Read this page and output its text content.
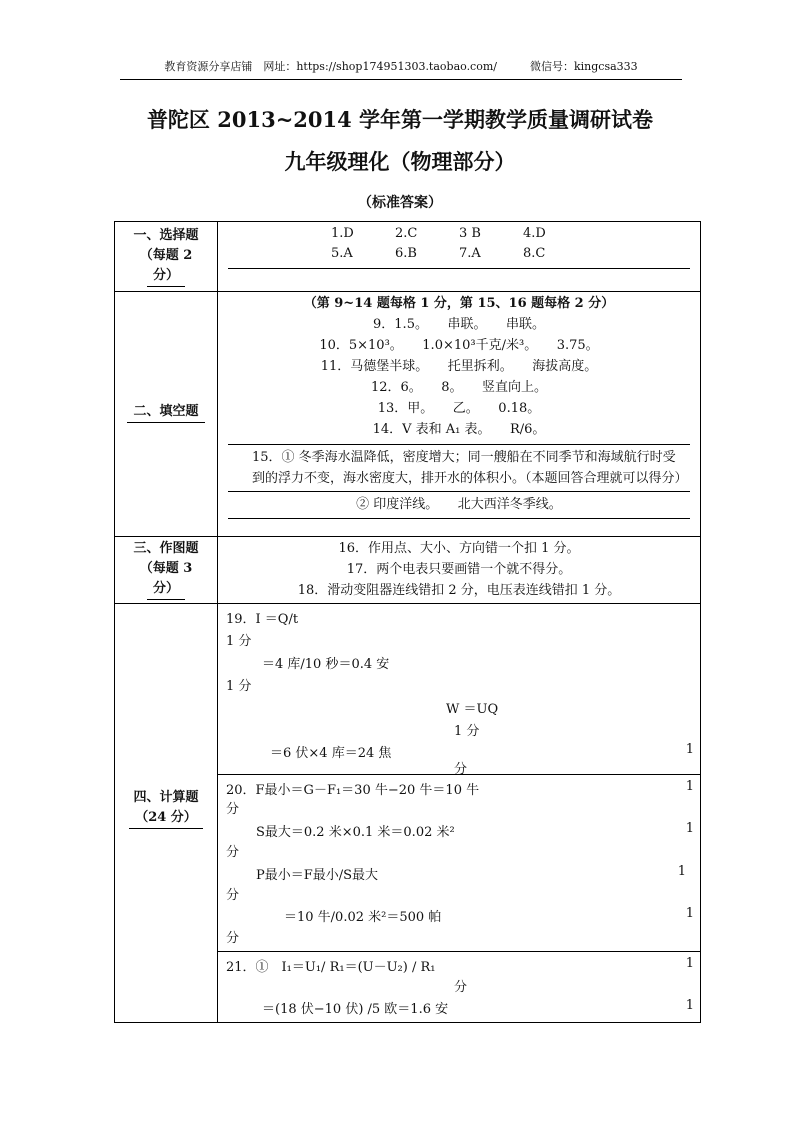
教育资源分享店铺　网址：https://shop174951303.taobao.com/　　　微信号：kingcsa333
普陀区 2013~2014 学年第一学期教学质量调研试卷
九年级理化（物理部分）
（标准答案）
一、选择题
（每题 2
分）
1.D	2.C	3 B	4.D
5.A	6.B	7.A	8.C
二、填空题
（第 9~14 题每格 1 分，第 15、16 题每格 2 分）
9．1.5。　　串联。　　串联。
10．5×10³。　　1.0×10³千克/米³。　　3.75。
11．马德堡半球。　　托里拆利。　　海拔高度。
12．6。　　8。　　竖直向上。
13．甲。　　乙。　　0.18。
14．V 表和 A₁ 表。　　R/6。
15．① 冬季海水温降低，密度增大；同一艘船在不同季节和海域航行时受到的浮力不变，海水密度大，排开水的体积小。（本题回答合理就可以得分）
② 印度洋线。　　北大西洋冬季线。
三、作图题
（每题 3
分）
16．作用点、大小、方向错一个扣 1 分。
17．两个电表只要画错一个就不得分。
18．滑动变阻器连线错扣 2 分，电压表连线错扣 1 分。
四、计算题
（24 分）
19．I ＝Q/t
1 分
＝4 库/10 秒＝0.4 安
1 分
W ＝UQ
1 分
＝6 伏×4 库＝24 焦	1
分
20．F最小＝G－F₁＝30 牛−20 牛＝10 牛	1
分
S最大＝0.2 米×0.1 米＝0.02 米²	1
分
P最小＝F最小/S最大	1
分
＝10 牛/0.02 米²＝500 帕	1
分
21．①　I₁＝U₁/ R₁＝(U－U₂) / R₁	1
分
＝(18 伏−10 伏) /5 欧＝1.6 安	1
